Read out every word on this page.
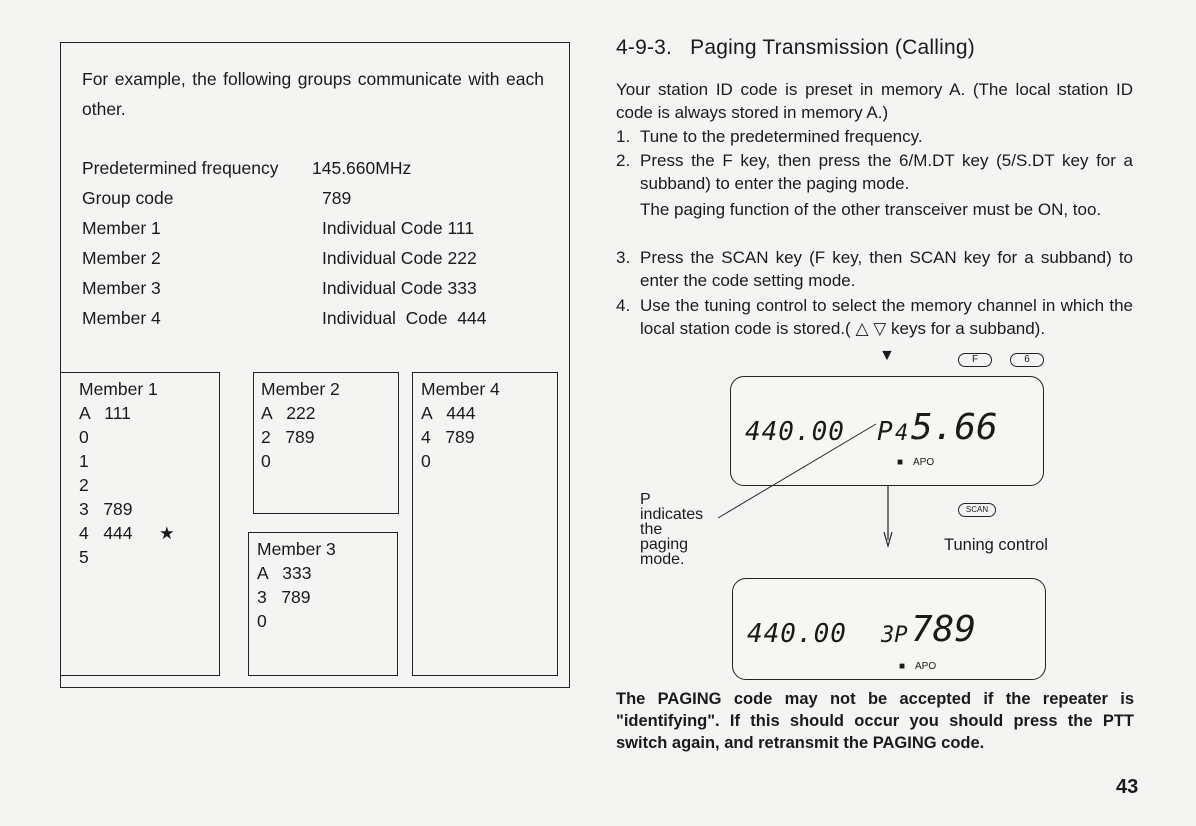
For example, the following groups communicate with each other.
Predetermined frequency 145.660MHz
Group code	789
Member 1	Individual Code 111
Member 2	Individual Code 222
Member 3	Individual Code 333
Member 4	Individual  Code  444
Member 1
A   111
0
1
2
3   789
4   444 ★
5
Member 2
A   222
2   789
0
Member 4
A   444
4   789
0
Member 3
A   333
3   789
0
4-9-3.   Paging Transmission (Calling)
Your station ID code is preset in memory A. (The local station ID code is always stored in memory A.)
1. Tune to the predetermined frequency.
2. Press the F key, then press the 6/M.DT key (5/S.DT key for a subband) to enter the paging mode.
The paging function of the other transceiver must be ON, too.
3. Press the SCAN key (F key, then SCAN key for a subband) to enter the code setting mode.
4. Use the tuning control to select the memory channel in which the local station code is stored.( △ ▽ keys for a subband).
▼	F	6
440.00 P 4 5.66
■ APO
SCAN
P
indicates
the
paging
mode.
Tuning control
440.00 3P 789
■ APO
The PAGING code may not be accepted if the repeater is "identifying". If this should occur you should press the PTT switch again, and retransmit the PAGING code.
43
